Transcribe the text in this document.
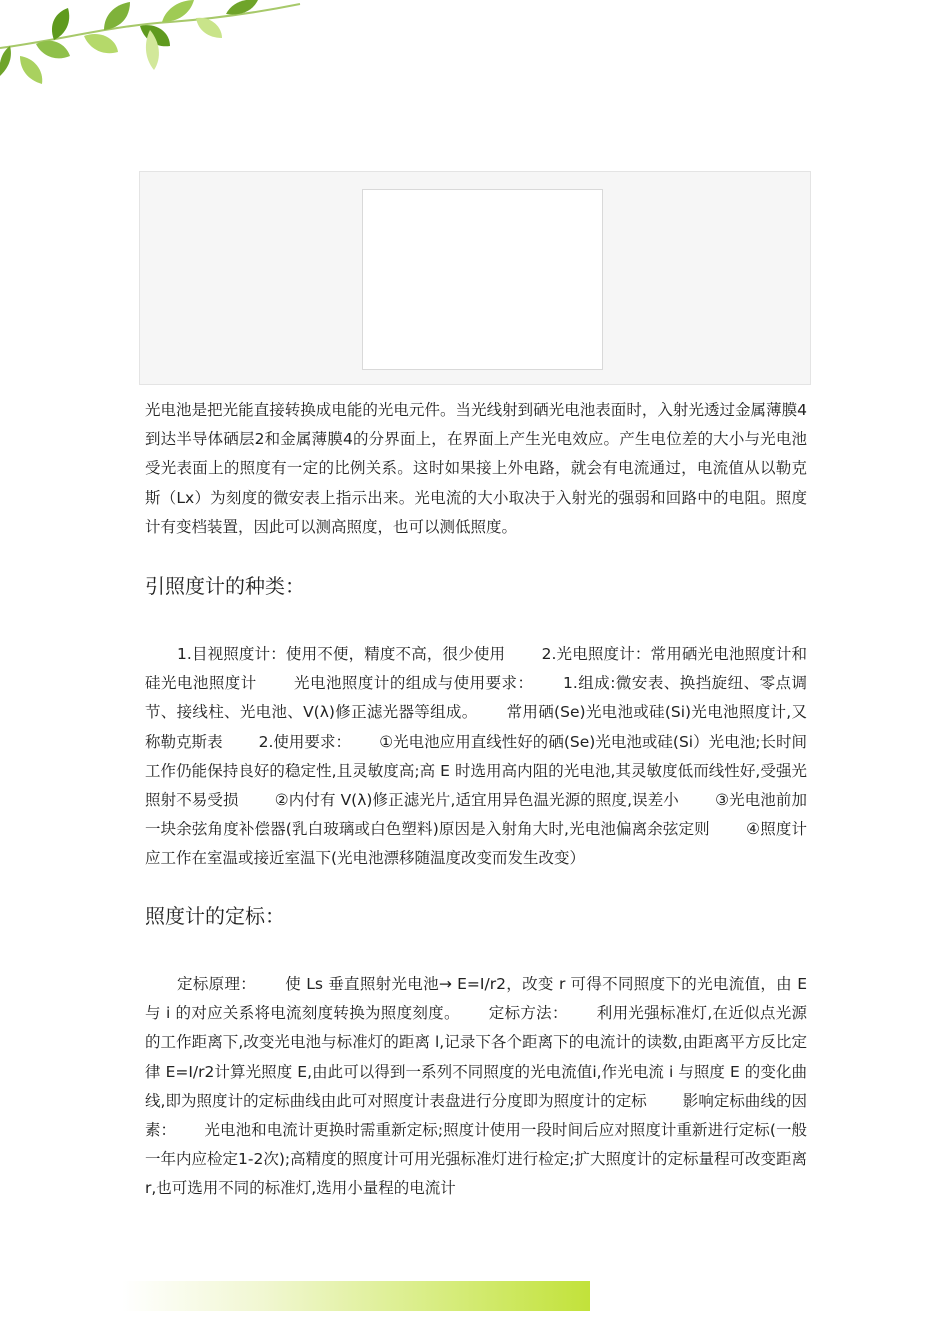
光电池是把光能直接转换成电能的光电元件。当光线射到硒光电池表面时，入射光透过金属薄膜4到达半导体硒层2和金属薄膜4的分界面上，在界面上产生光电效应。产生电位差的大小与光电池受光表面上的照度有一定的比例关系。这时如果接上外电路，就会有电流通过，电流值从以勒克斯（Lx）为刻度的微安表上指示出来。光电流的大小取决于入射光的强弱和回路中的电阻。照度计有变档装置，因此可以测高照度，也可以测低照度。

引照度计的种类：

1.目视照度计：使用不便，精度不高，很少使用　　 2.光电照度计：常用硒光电池照度计和硅光电池照度计　　 光电池照度计的组成与使用要求：　　 1.组成:微安表、换挡旋纽、零点调节、接线柱、光电池、V(λ)修正滤光器等组成。　　 常用硒(Se)光电池或硅(Si)光电池照度计,又称勒克斯表　　 2.使用要求：　　 ①光电池应用直线性好的硒(Se)光电池或硅(Si）光电池;长时间工作仍能保持良好的稳定性,且灵敏度高;高 E 时选用高内阻的光电池,其灵敏度低而线性好,受强光照射不易受损　　 ②内付有 V(λ)修正滤光片,适宜用异色温光源的照度,误差小　　 ③光电池前加一块余弦角度补偿器(乳白玻璃或白色塑料)原因是入射角大时,光电池偏离余弦定则　　 ④照度计应工作在室温或接近室温下(光电池漂移随温度改变而发生改变）

照度计的定标：

定标原理：　　 使 Ls 垂直照射光电池→ E=I/r2，改变 r 可得不同照度下的光电流值，由 E 与 i 的对应关系将电流刻度转换为照度刻度。　　 定标方法：　　 利用光强标准灯,在近似点光源的工作距离下,改变光电池与标准灯的距离 l,记录下各个距离下的电流计的读数,由距离平方反比定律 E=I/r2计算光照度 E,由此可以得到一系列不同照度的光电流值i,作光电流 i 与照度 E 的变化曲线,即为照度计的定标曲线由此可对照度计表盘进行分度即为照度计的定标　　 影响定标曲线的因素：　　 光电池和电流计更换时需重新定标;照度计使用一段时间后应对照度计重新进行定标(一般一年内应检定1-2次);高精度的照度计可用光强标准灯进行检定;扩大照度计的定标量程可改变距离 r,也可选用不同的标准灯,选用小量程的电流计
